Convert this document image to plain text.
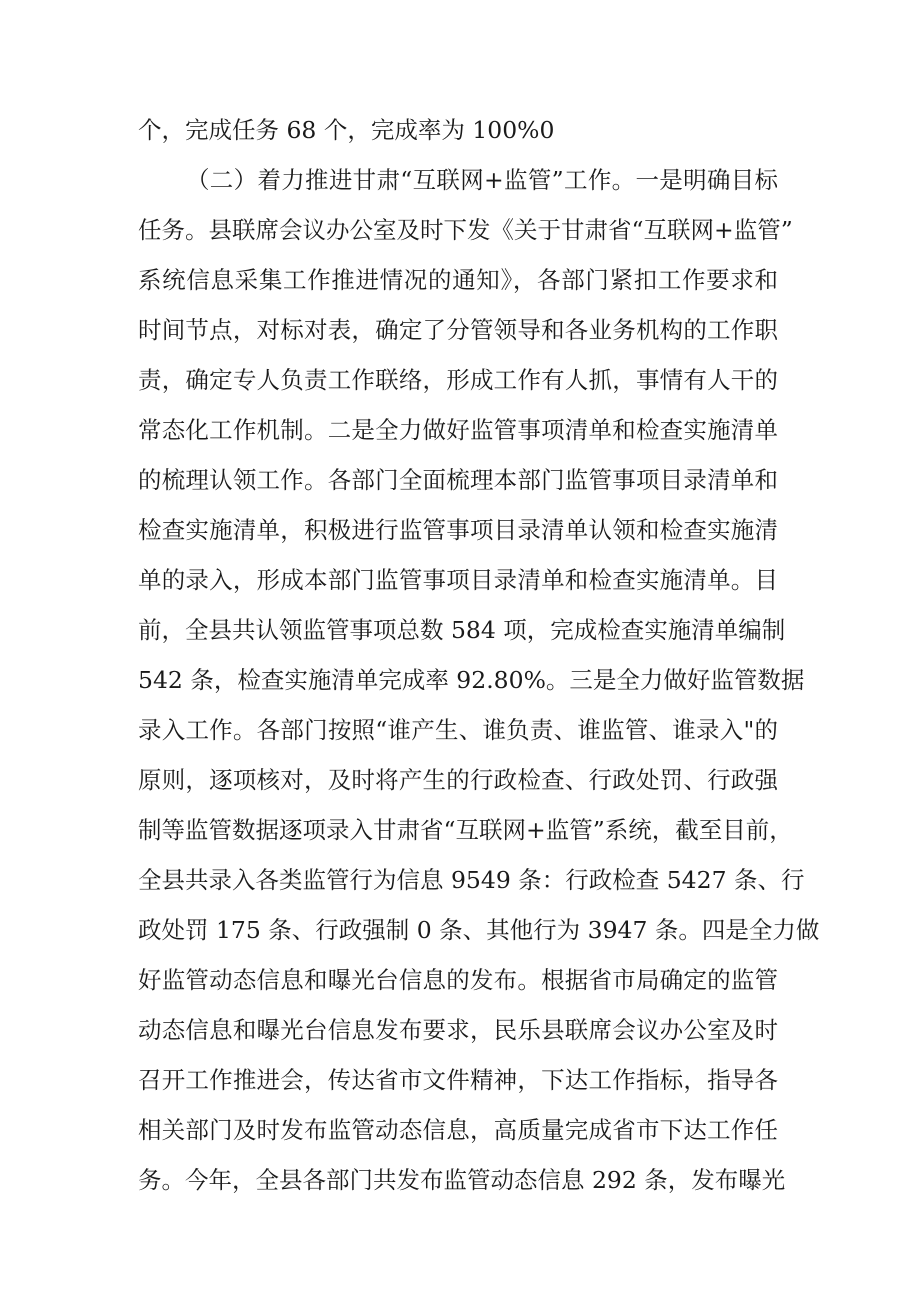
个，完成任务 68 个，完成率为 100%0
（二）着力推进甘肃“互联网+监管”工作。一是明确目标
任务。县联席会议办公室及时下发《关于甘肃省“互联网+监管”
系统信息采集工作推进情况的通知》，各部门紧扣工作要求和
时间节点，对标对表，确定了分管领导和各业务机构的工作职
责，确定专人负责工作联络，形成工作有人抓，事情有人干的
常态化工作机制。二是全力做好监管事项清单和检查实施清单
的梳理认领工作。各部门全面梳理本部门监管事项目录清单和
检查实施清单，积极进行监管事项目录清单认领和检查实施清
单的录入，形成本部门监管事项目录清单和检查实施清单。目
前，全县共认领监管事项总数 584 项，完成检查实施清单编制
542 条，检查实施清单完成率 92.80%。三是全力做好监管数据
录入工作。各部门按照“谁产生、谁负责、谁监管、谁录入"的
原则，逐项核对，及时将产生的行政检查、行政处罚、行政强
制等监管数据逐项录入甘肃省“互联网+监管”系统，截至目前，
全县共录入各类监管行为信息 9549 条：行政检查 5427 条、行
政处罚 175 条、行政强制 0 条、其他行为 3947 条。四是全力做
好监管动态信息和曝光台信息的发布。根据省市局确定的监管
动态信息和曝光台信息发布要求，民乐县联席会议办公室及时
召开工作推进会，传达省市文件精神，下达工作指标，指导各
相关部门及时发布监管动态信息，高质量完成省市下达工作任
务。今年，全县各部门共发布监管动态信息 292 条，发布曝光
